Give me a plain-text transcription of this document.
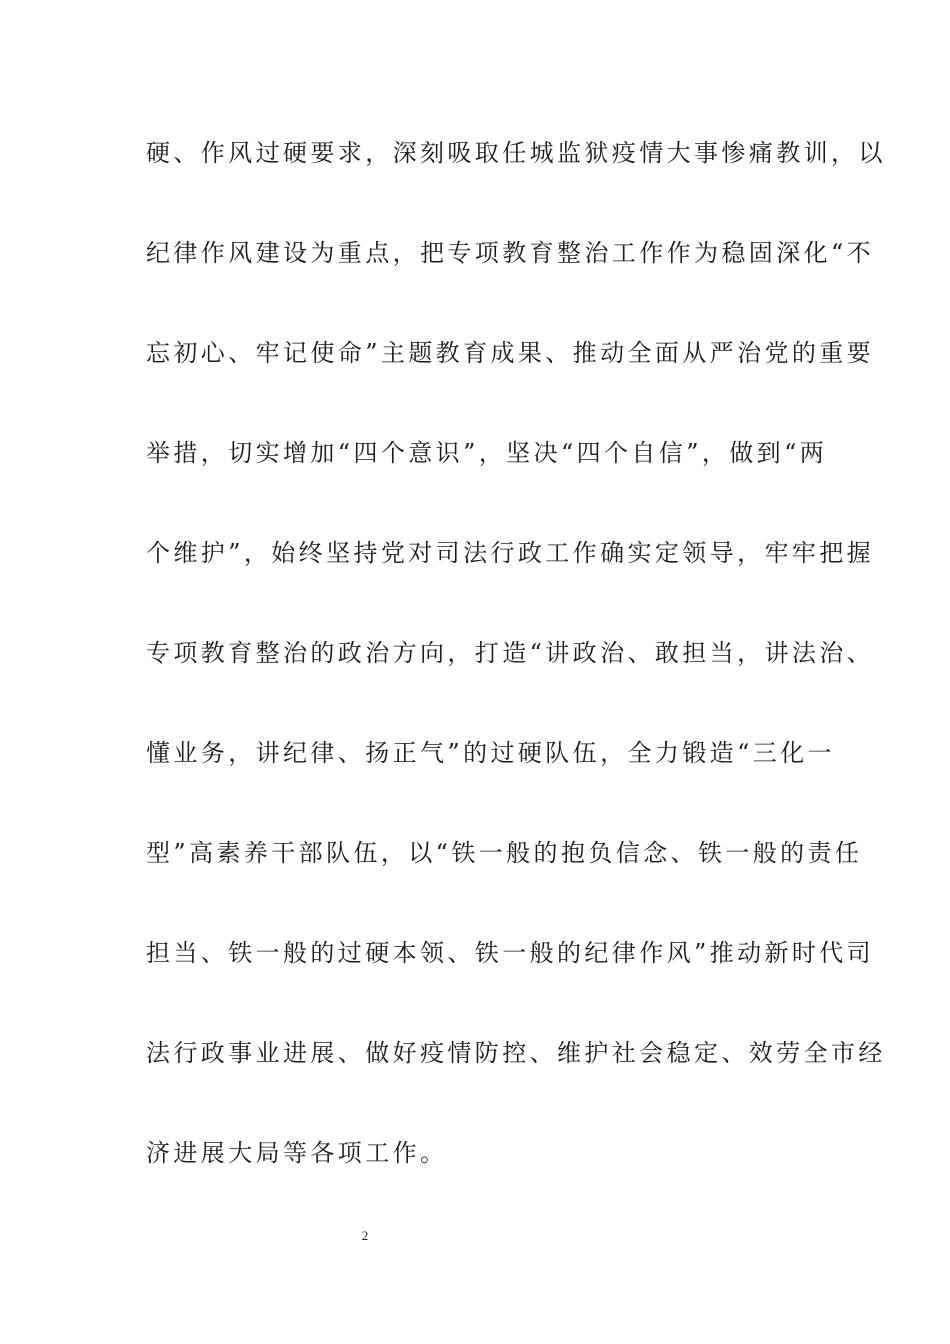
硬、作风过硬要求，深刻吸取任城监狱疫情大事惨痛教训，以
纪律作风建设为重点，把专项教育整治工作作为稳固深化“不
忘初心、牢记使命”主题教育成果、推动全面从严治党的重要
举措，切实增加“四个意识”，坚决“四个自信”，做到“两
个维护”，始终坚持党对司法行政工作确实定领导，牢牢把握
专项教育整治的政治方向，打造“讲政治、敢担当，讲法治、
懂业务，讲纪律、扬正气”的过硬队伍，全力锻造“三化一
型”高素养干部队伍，以“铁一般的抱负信念、铁一般的责任
担当、铁一般的过硬本领、铁一般的纪律作风”推动新时代司
法行政事业进展、做好疫情防控、维护社会稳定、效劳全市经
济进展大局等各项工作。
2
